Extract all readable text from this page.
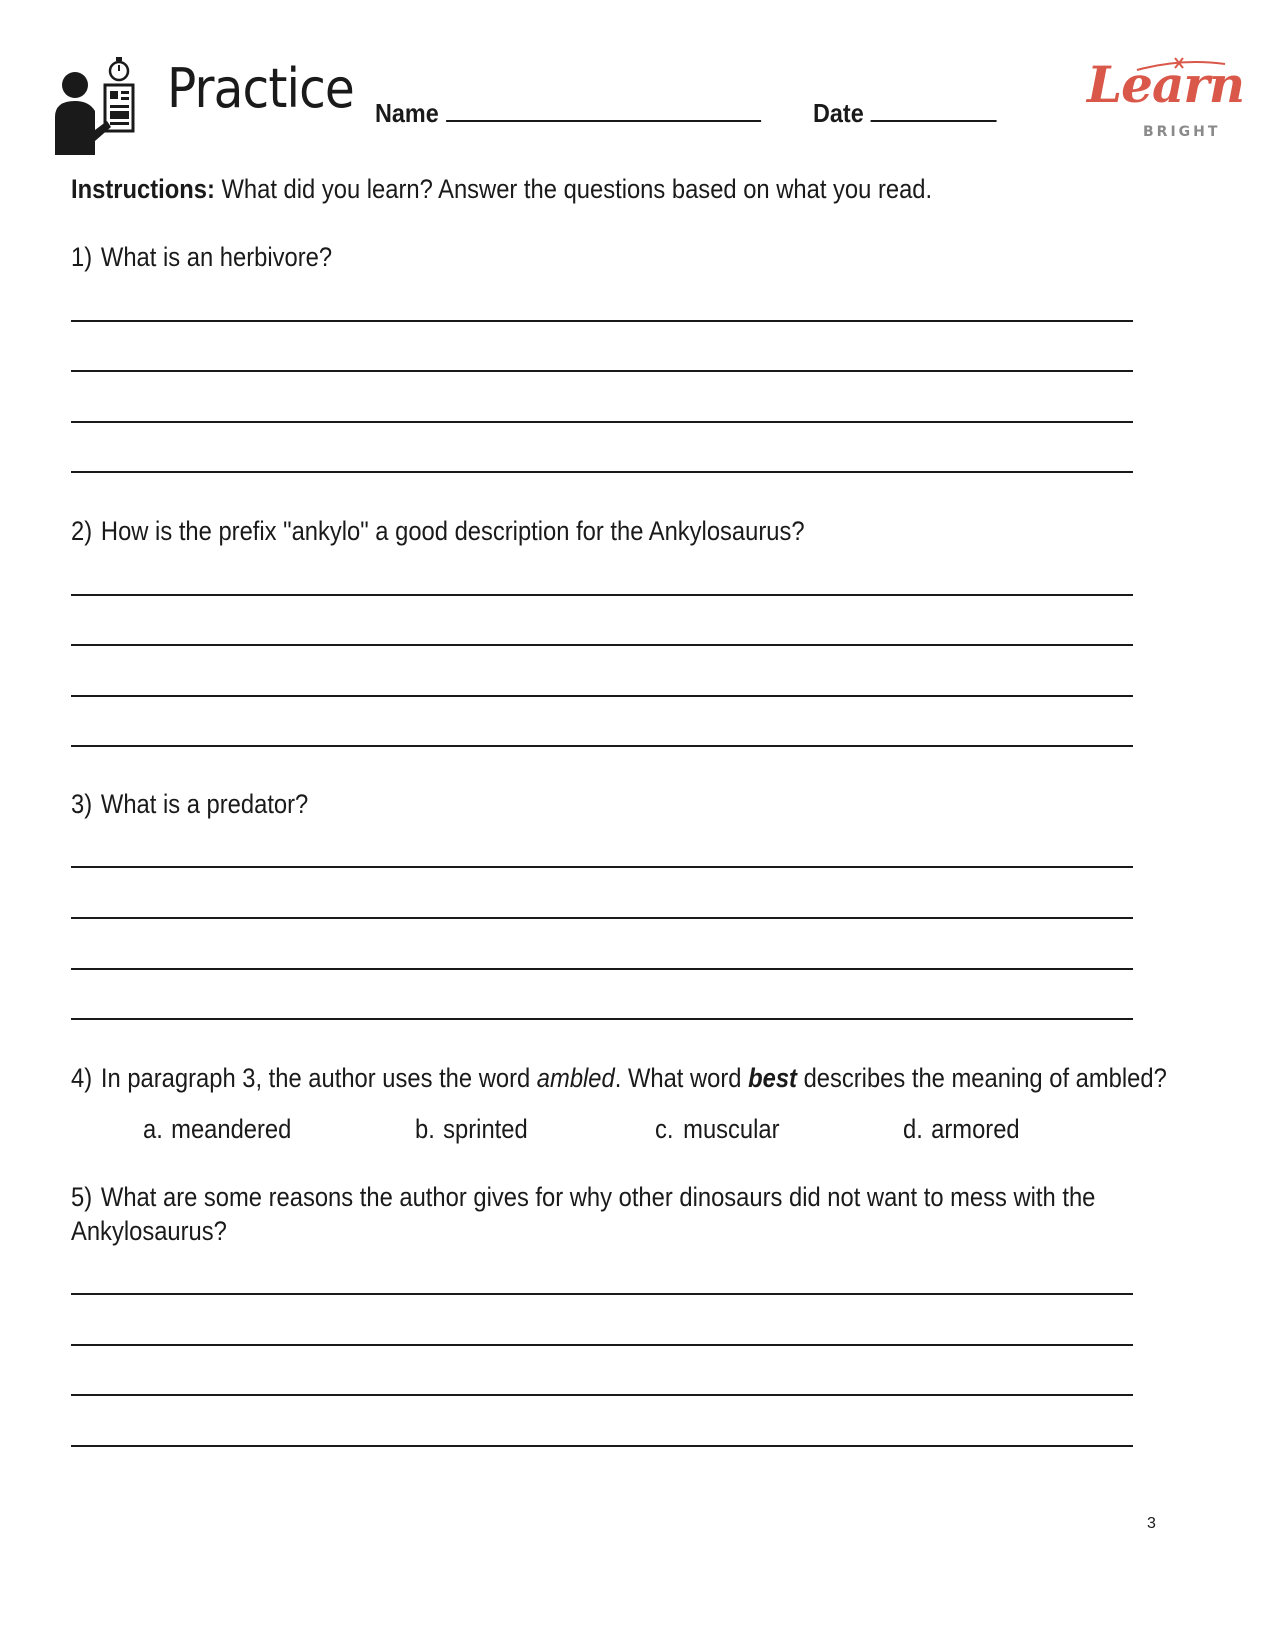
Practice Name	Date	Learn
BRIGHT
Instructions: What did you learn? Answer the questions based on what you read.
1) What is an herbivore?
2) How is the prefix "ankylo" a good description for the Ankylosaurus?
3) What is a predator?
4) In paragraph 3, the author uses the word ambled. What word best describes the meaning of ambled?
a. meandered	b. sprinted	c. muscular	d. armored
5) What are some reasons the author gives for why other dinosaurs did not want to mess with the
Ankylosaurus?
3
